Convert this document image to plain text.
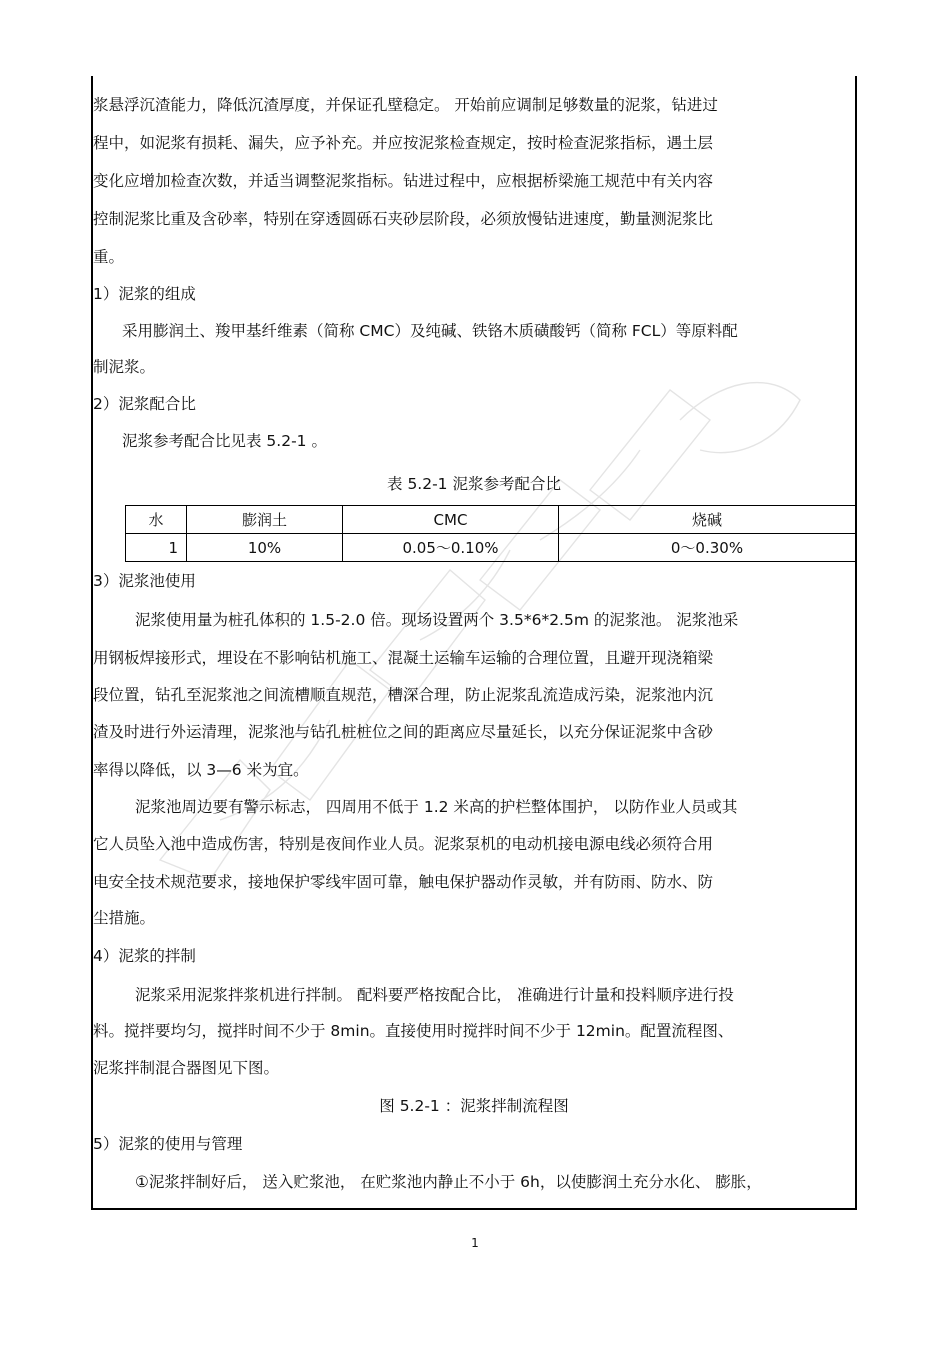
浆悬浮沉渣能力，降低沉渣厚度，并保证孔壁稳定。 开始前应调制足够数量的泥浆，钻进过
程中，如泥浆有损耗、漏失，应予补充。并应按泥浆检查规定，按时检查泥浆指标，遇土层
变化应增加检查次数，并适当调整泥浆指标。钻进过程中，应根据桥梁施工规范中有关内容
控制泥浆比重及含砂率，特别在穿透圆砾石夹砂层阶段，必须放慢钻进速度，勤量测泥浆比
重。
1）泥浆的组成
采用膨润土、羧甲基纤维素（简称 CMC）及纯碱、铁铬木质磺酸钙（简称 FCL）等原料配
制泥浆。
2）泥浆配合比
泥浆参考配合比见表 5.2-1 。
表 5.2-1 泥浆参考配合比
水	膨润土	CMC	烧碱
1	10%	0.05～0.10%	0～0.30%
3）泥浆池使用
泥浆使用量为桩孔体积的 1.5-2.0 倍。现场设置两个 3.5*6*2.5m 的泥浆池。 泥浆池采
用钢板焊接形式，埋设在不影响钻机施工、混凝土运输车运输的合理位置，且避开现浇箱梁
段位置，钻孔至泥浆池之间流槽顺直规范，槽深合理，防止泥浆乱流造成污染，泥浆池内沉
渣及时进行外运清理，泥浆池与钻孔桩桩位之间的距离应尽量延长，以充分保证泥浆中含砂
率得以降低，以 3—6 米为宜。
泥浆池周边要有警示标志， 四周用不低于 1.2 米高的护栏整体围护， 以防作业人员或其
它人员坠入池中造成伤害，特别是夜间作业人员。泥浆泵机的电动机接电源电线必须符合用
电安全技术规范要求，接地保护零线牢固可靠，触电保护器动作灵敏，并有防雨、防水、防
尘措施。
4）泥浆的拌制
泥浆采用泥浆拌浆机进行拌制。 配料要严格按配合比， 准确进行计量和投料顺序进行投
料。搅拌要均匀，搅拌时间不少于 8min。直接使用时搅拌时间不少于 12min。配置流程图、
泥浆拌制混合器图见下图。
图 5.2-1 ：泥浆拌制流程图
5）泥浆的使用与管理
①泥浆拌制好后， 送入贮浆池， 在贮浆池内静止不小于 6h，以使膨润土充分水化、 膨胀，
1
